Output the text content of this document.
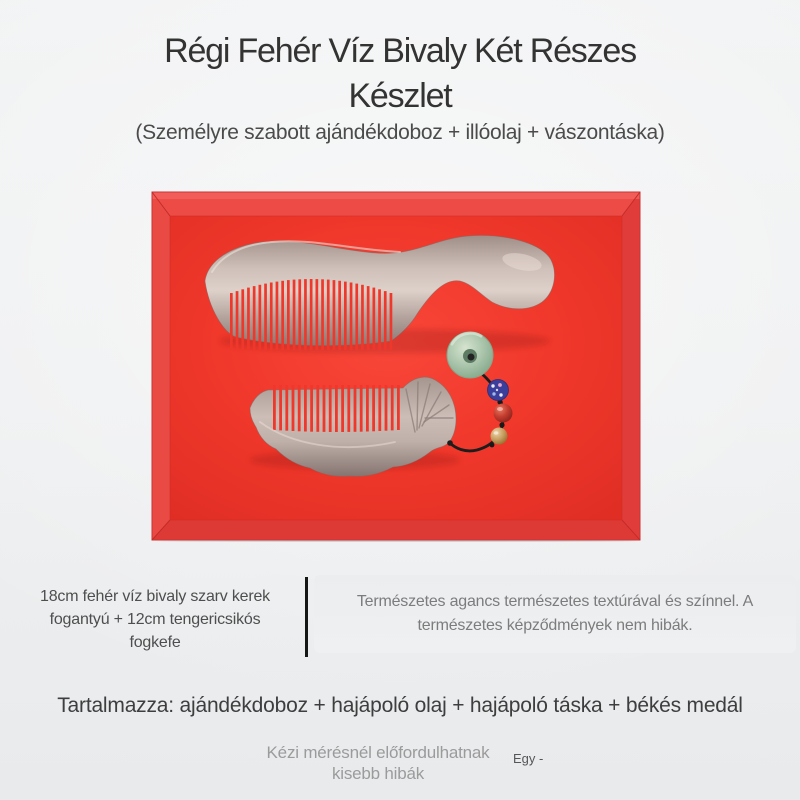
Régi Fehér Víz Bivaly Két Részes
Készlet
(Személyre szabott ajándékdoboz + illóolaj + vászontáska)
18cm fehér víz bivaly szarv kerek
fogantyú + 12cm tengericsikós
fogkefe
Természetes agancs természetes textúrával és színnel. A
természetes képződmények nem hibák.
Tartalmazza: ajándékdoboz + hajápoló olaj + hajápoló táska + békés medál
Kézi mérésnél előfordulhatnak
kisebb hibák
Egy -
